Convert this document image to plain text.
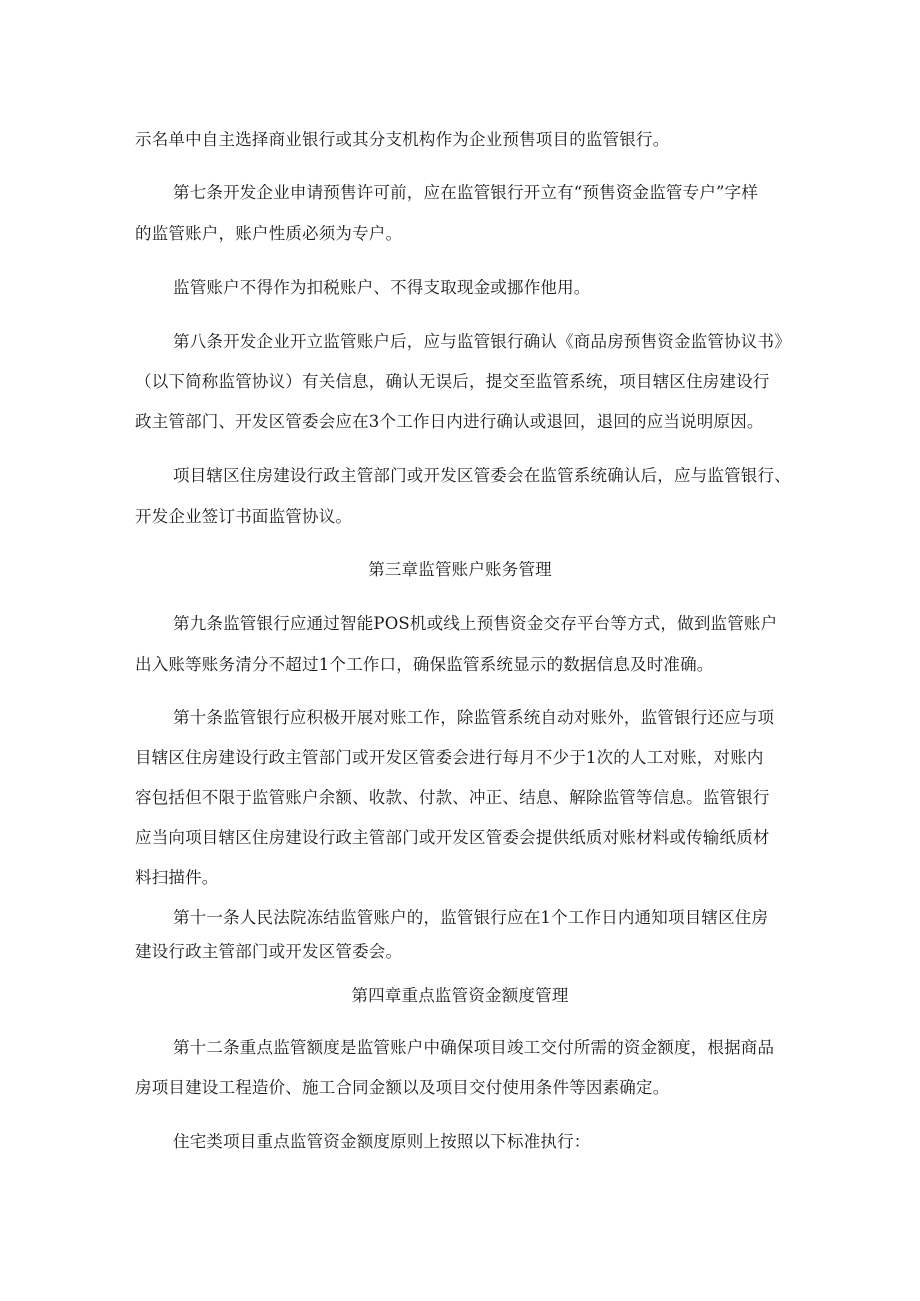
示名单中自主选择商业银行或其分支机构作为企业预售项目的监管银行。
第七条开发企业申请预售许可前，应在监管银行开立有“预售资金监管专户”字样
的监管账户，账户性质必须为专户。
监管账户不得作为扣税账户、不得支取现金或挪作他用。
第八条开发企业开立监管账户后，应与监管银行确认《商品房预售资金监管协议书》
（以下简称监管协议）有关信息，确认无误后，提交至监管系统，项目辖区住房建设行
政主管部门、开发区管委会应在3个工作日内进行确认或退回，退回的应当说明原因。
项目辖区住房建设行政主管部门或开发区管委会在监管系统确认后，应与监管银行、
开发企业签订书面监管协议。
第三章监管账户账务管理
第九条监管银行应通过智能POS机或线上预售资金交存平台等方式，做到监管账户
出入账等账务清分不超过1个工作口，确保监管系统显示的数据信息及时准确。
第十条监管银行应积极开展对账工作，除监管系统自动对账外，监管银行还应与项
目辖区住房建设行政主管部门或开发区管委会进行每月不少于1次的人工对账，对账内
容包括但不限于监管账户余额、收款、付款、冲正、结息、解除监管等信息。监管银行
应当向项目辖区住房建设行政主管部门或开发区管委会提供纸质对账材料或传输纸质材
料扫描件。
第十一条人民法院冻结监管账户的，监管银行应在1个工作日内通知项目辖区住房
建设行政主管部门或开发区管委会。
第四章重点监管资金额度管理
第十二条重点监管额度是监管账户中确保项目竣工交付所需的资金额度，根据商品
房项目建设工程造价、施工合同金额以及项目交付使用条件等因素确定。
住宅类项目重点监管资金额度原则上按照以下标准执行：
